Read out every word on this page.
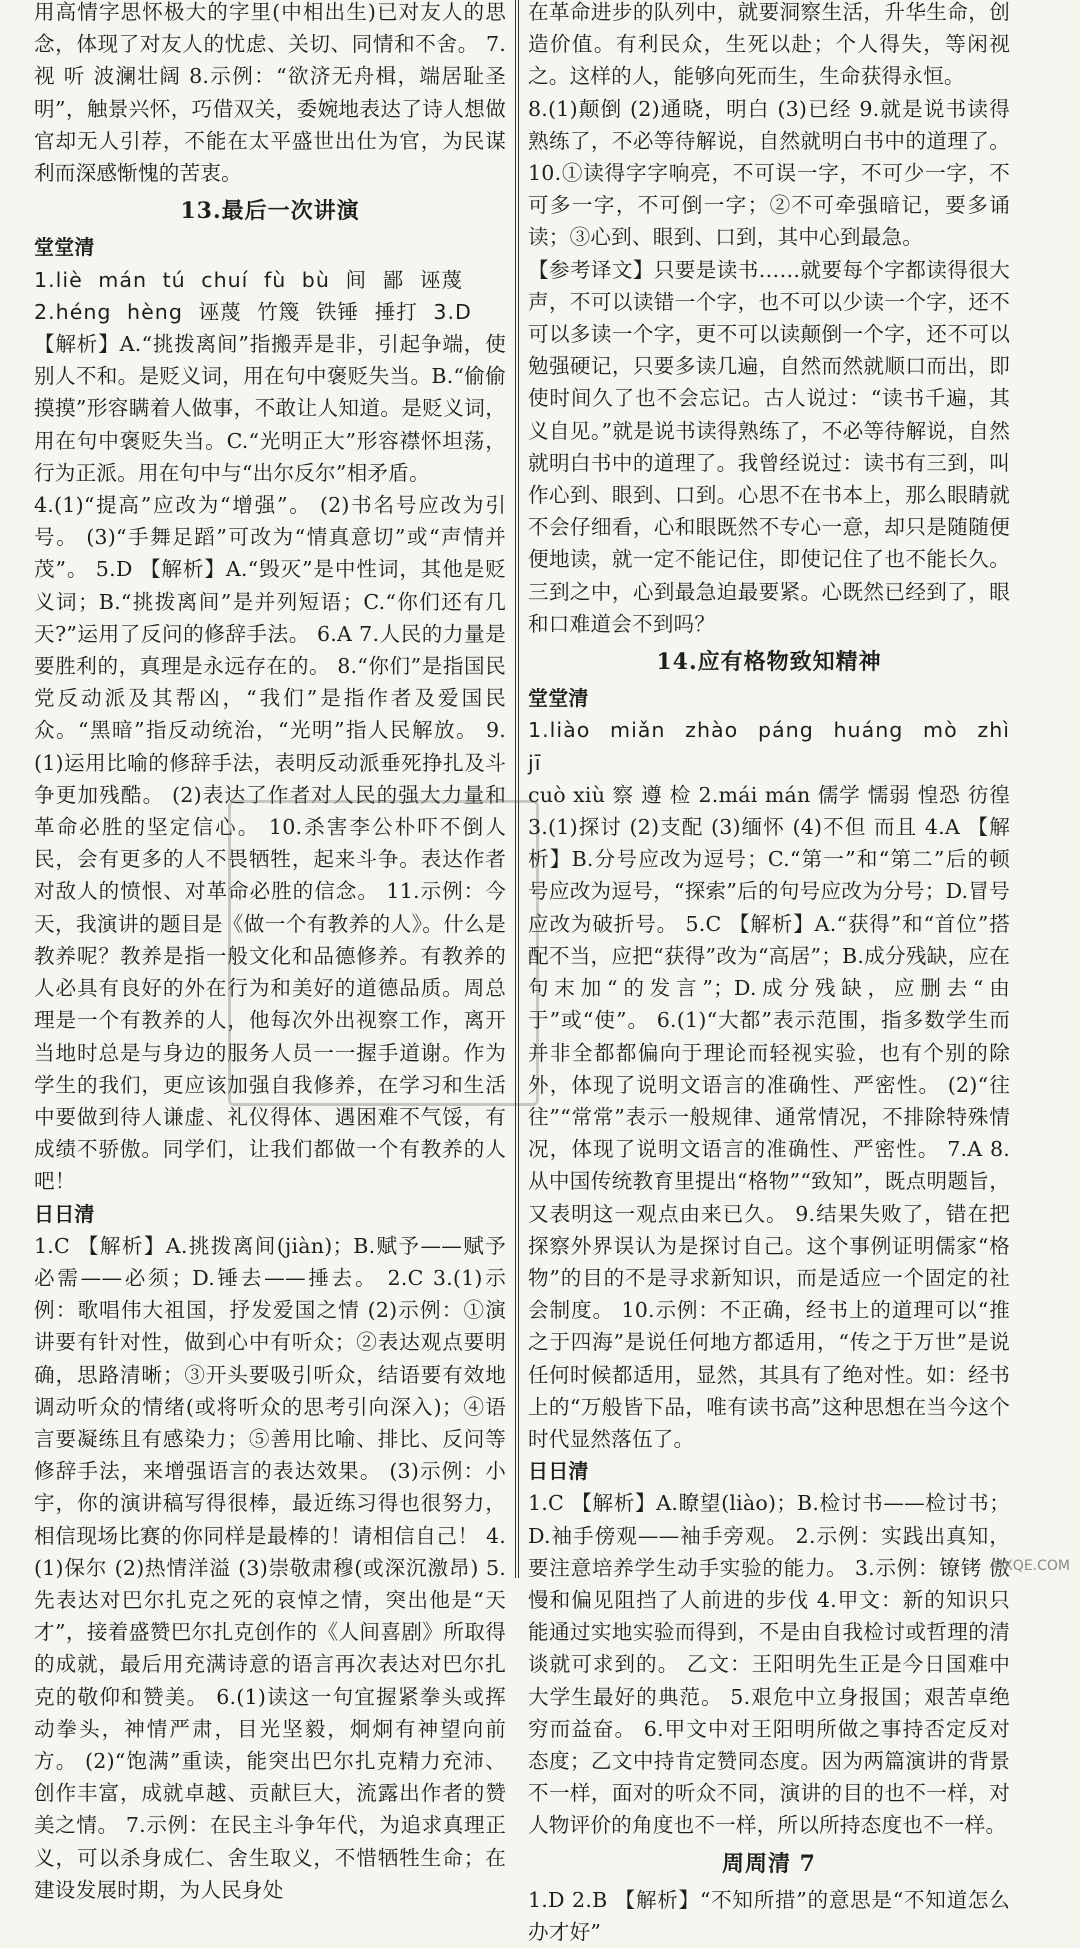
用高情字思怀极大的字里(中相出生)已对友人的思念，体现了对友人的忧虑、关切、同情和不舍。 7.视 听 波澜壮阔 8.示例：“欲济无舟楫，端居耻圣明”，触景兴怀，巧借双关，委婉地表达了诗人想做官却无人引荐，不能在太平盛世出仕为官，为民谋利而深感惭愧的苦衷。

13.最后一次讲演

堂堂清

1.liè mán tú chuí fù bù 间 鄙 诬蔑

2.héng hèng 诬蔑 竹篾 铁锤 捶打 3.D

【解析】A.“挑拨离间”指搬弄是非，引起争端，使别人不和。是贬义词，用在句中褒贬失当。B.“偷偷摸摸”形容瞒着人做事，不敢让人知道。是贬义词，用在句中褒贬失当。C.“光明正大”形容襟怀坦荡，行为正派。用在句中与“出尔反尔”相矛盾。

4.(1)“提高”应改为“增强”。 (2)书名号应改为引号。 (3)“手舞足蹈”可改为“情真意切”或“声情并茂”。 5.D 【解析】A.“毁灭”是中性词，其他是贬义词；B.“挑拨离间”是并列短语；C.“你们还有几天?”运用了反问的修辞手法。 6.A 7.人民的力量是要胜利的，真理是永远存在的。 8.“你们”是指国民党反动派及其帮凶，“我们”是指作者及爱国民众。“黑暗”指反动统治，“光明”指人民解放。 9.(1)运用比喻的修辞手法，表明反动派垂死挣扎及斗争更加残酷。 (2)表达了作者对人民的强大力量和革命必胜的坚定信心。 10.杀害李公朴吓不倒人民，会有更多的人不畏牺牲，起来斗争。表达作者对敌人的愤恨、对革命必胜的信念。 11.示例：今天，我演讲的题目是《做一个有教养的人》。什么是教养呢？教养是指一般文化和品德修养。有教养的人必具有良好的外在行为和美好的道德品质。周总理是一个有教养的人，他每次外出视察工作，离开当地时总是与身边的服务人员一一握手道谢。作为学生的我们，更应该加强自我修养，在学习和生活中要做到待人谦虚、礼仪得体、遇困难不气馁，有成绩不骄傲。同学们，让我们都做一个有教养的人吧！

日日清

1.C 【解析】A.挑拨离间(jiàn)；B.赋予——赋予 必需——必须；D.锤去——捶去。 2.C 3.(1)示例：歌唱伟大祖国，抒发爱国之情 (2)示例：①演讲要有针对性，做到心中有听众；②表达观点要明确，思路清晰；③开头要吸引听众，结语要有效地调动听众的情绪(或将听众的思考引向深入)；④语言要凝练且有感染力；⑤善用比喻、排比、反问等修辞手法，来增强语言的表达效果。 (3)示例：小宇，你的演讲稿写得很棒，最近练习得也很努力，相信现场比赛的你同样是最棒的！请相信自己！ 4.(1)保尔 (2)热情洋溢 (3)崇敬肃穆(或深沉激昂) 5.先表达对巴尔扎克之死的哀悼之情，突出他是“天才”，接着盛赞巴尔扎克创作的《人间喜剧》所取得的成就，最后用充满诗意的语言再次表达对巴尔扎克的敬仰和赞美。 6.(1)读这一句宜握紧拳头或挥动拳头，神情严肃，目光坚毅，炯炯有神望向前方。 (2)“饱满”重读，能突出巴尔扎克精力充沛、创作丰富，成就卓越、贡献巨大，流露出作者的赞美之情。 7.示例：在民主斗争年代，为追求真理正义，可以杀身成仁、舍生取义，不惜牺牲生命；在建设发展时期，为人民身处

在革命进步的队列中，就要洞察生活，升华生命，创造价值。有利民众，生死以赴；个人得失，等闲视之。这样的人，能够向死而生，生命获得永恒。

8.(1)颠倒 (2)通晓，明白 (3)已经 9.就是说书读得熟练了，不必等待解说，自然就明白书中的道理了。 10.①读得字字响亮，不可误一字，不可少一字，不可多一字，不可倒一字；②不可牵强暗记，要多诵读；③心到、眼到、口到，其中心到最急。

【参考译文】只要是读书……就要每个字都读得很大声，不可以读错一个字，也不可以少读一个字，还不可以多读一个字，更不可以读颠倒一个字，还不可以勉强硬记，只要多读几遍，自然而然就顺口而出，即使时间久了也不会忘记。古人说过：“读书千遍，其义自见。”就是说书读得熟练了，不必等待解说，自然就明白书中的道理了。我曾经说过：读书有三到，叫作心到、眼到、口到。心思不在书本上，那么眼睛就不会仔细看，心和眼既然不专心一意，却只是随随便便地读，就一定不能记住，即使记住了也不能长久。三到之中，心到最急迫最要紧。心既然已经到了，眼和口难道会不到吗？

14.应有格物致知精神

堂堂清

1.liào miǎn zhào páng huáng mò zhì jī

cuò xiù 察 遵 检 2.mái mán 儒学 懦弱 惶恐 彷徨 3.(1)探讨 (2)支配 (3)缅怀 (4)不但 而且 4.A 【解析】B.分号应改为逗号；C.“第一”和“第二”后的顿号应改为逗号，“探索”后的句号应改为分号；D.冒号应改为破折号。 5.C 【解析】A.“获得”和“首位”搭配不当，应把“获得”改为“高居”；B.成分残缺，应在句末加“的发言”；D.成分残缺，应删去“由于”或“使”。 6.(1)“大都”表示范围，指多数学生而并非全都都偏向于理论而轻视实验，也有个别的除外，体现了说明文语言的准确性、严密性。 (2)“往往”“常常”表示一般规律、通常情况，不排除特殊情况，体现了说明文语言的准确性、严密性。 7.A 8.从中国传统教育里提出“格物”“致知”，既点明题旨，又表明这一观点由来已久。 9.结果失败了，错在把探察外界误认为是探讨自己。这个事例证明儒家“格物”的目的不是寻求新知识，而是适应一个固定的社会制度。 10.示例：不正确，经书上的道理可以“推之于四海”是说任何地方都适用，“传之于万世”是说任何时候都适用，显然，其具有了绝对性。如：经书上的“万般皆下品，唯有读书高”这种思想在当今这个时代显然落伍了。

日日清

1.C 【解析】A.瞭望(liào)；B.检讨书——检讨书；D.袖手傍观——袖手旁观。 2.示例：实践出真知，要注意培养学生动手实验的能力。 3.示例：镣铐 傲慢和偏见阻挡了人前进的步伐 4.甲文：新的知识只能通过实地实验而得到，不是由自我检讨或哲理的清谈就可求到的。 乙文：王阳明先生正是今日国难中大学生最好的典范。 5.艰危中立身报国；艰苦卓绝穷而益奋。 6.甲文中对王阳明所做之事持否定反对态度；乙文中持肯定赞同态度。因为两篇演讲的背景不一样，面对的听众不同，演讲的目的也不一样，对人物评价的角度也不一样，所以所持态度也不一样。

周周清 7

1.D 2.B 【解析】“不知所措”的意思是“不知道怎么办才好”

MXQE.COM
